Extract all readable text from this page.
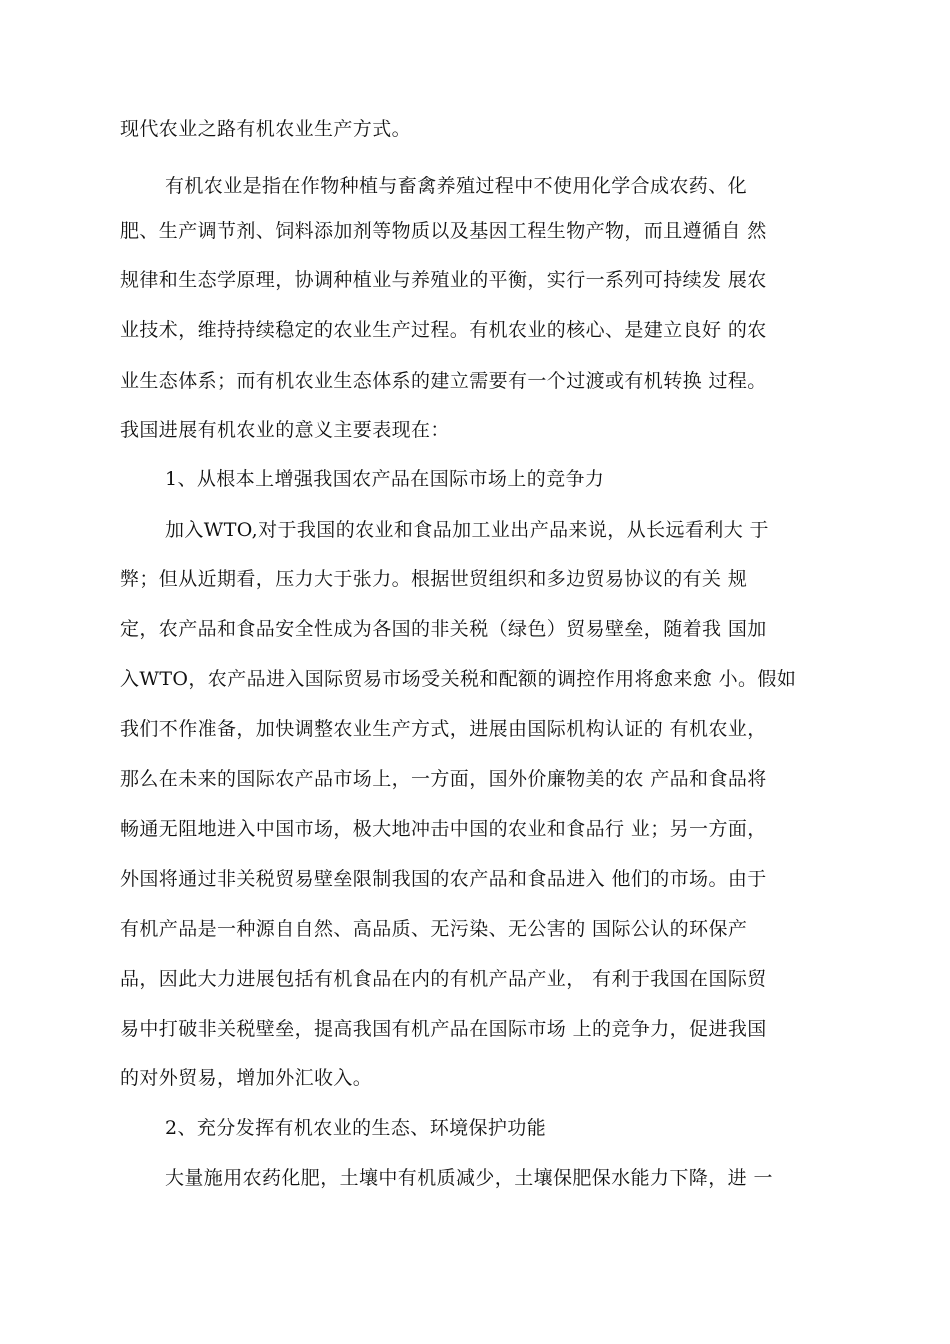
现代农业之路有机农业生产方式。
有机农业是指在作物种植与畜禽养殖过程中不使用化学合成农药、化
肥、生产调节剂、饲料添加剂等物质以及基因工程生物产物，而且遵循自 然
规律和生态学原理，协调种植业与养殖业的平衡，实行一系列可持续发 展农
业技术，维持持续稳定的农业生产过程。有机农业的核心、是建立良好 的农
业生态体系；而有机农业生态体系的建立需要有一个过渡或有机转换 过程。
我国进展有机农业的意义主要表现在：
1、从根本上增强我国农产品在国际市场上的竞争力
加入WTO,对于我国的农业和食品加工业出产品来说，从长远看利大 于
弊；但从近期看，压力大于张力。根据世贸组织和多边贸易协议的有关 规
定，农产品和食品安全性成为各国的非关税（绿色）贸易壁垒，随着我 国加
入WTO，农产品进入国际贸易市场受关税和配额的调控作用将愈来愈 小。假如
我们不作准备，加快调整农业生产方式，进展由国际机构认证的 有机农业，
那么在未来的国际农产品市场上，一方面，国外价廉物美的农 产品和食品将
畅通无阻地进入中国市场，极大地冲击中国的农业和食品行 业；另一方面，
外国将通过非关税贸易壁垒限制我国的农产品和食品进入 他们的市场。由于
有机产品是一种源自自然、高品质、无污染、无公害的 国际公认的环保产
品，因此大力进展包括有机食品在内的有机产品产业， 有利于我国在国际贸
易中打破非关税壁垒，提高我国有机产品在国际市场 上的竞争力，促进我国
的对外贸易，增加外汇收入。
2、充分发挥有机农业的生态、环境保护功能
大量施用农药化肥，土壤中有机质减少，土壤保肥保水能力下降，进 一
